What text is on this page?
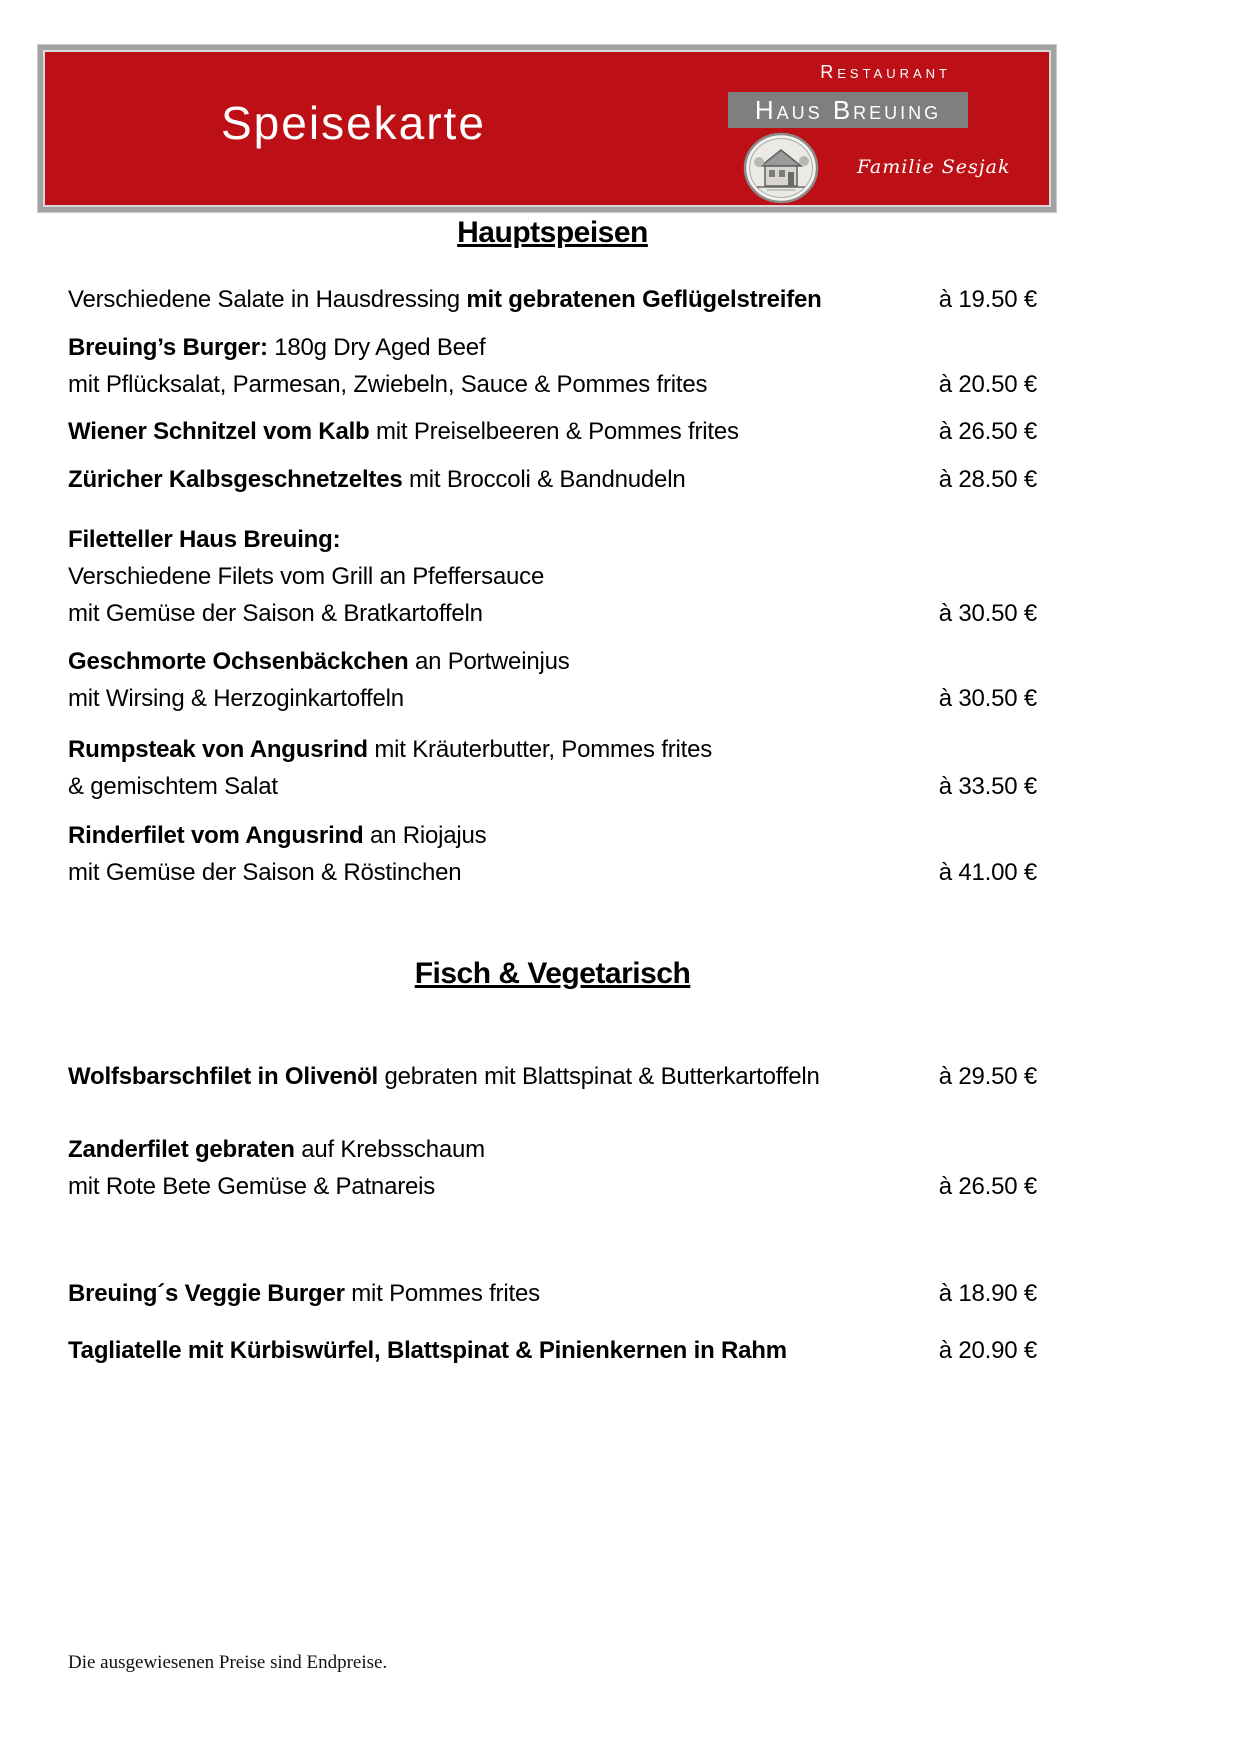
Speisekarte
Restaurant
Haus Breuing
Familie Sesjak
Hauptspeisen
Verschiedene Salate in Hausdressing mit gebratenen Geflügelstreifen	à 19.50 €
Breuing’s Burger: 180g Dry Aged Beef
mit Pflücksalat, Parmesan, Zwiebeln, Sauce & Pommes frites	à 20.50 €
Wiener Schnitzel vom Kalb mit Preiselbeeren & Pommes frites	à 26.50 €
Züricher Kalbsgeschnetzeltes mit Broccoli & Bandnudeln	à 28.50 €
Filetteller Haus Breuing:
Verschiedene Filets vom Grill an Pfeffersauce
mit Gemüse der Saison & Bratkartoffeln	à 30.50 €
Geschmorte Ochsenbäckchen an Portweinjus
mit Wirsing & Herzoginkartoffeln	à 30.50 €
Rumpsteak von Angusrind mit Kräuterbutter, Pommes frites
& gemischtem Salat	à 33.50 €
Rinderfilet vom Angusrind an Riojajus
mit Gemüse der Saison & Röstinchen	à 41.00 €
Fisch & Vegetarisch
Wolfsbarschfilet in Olivenöl gebraten mit Blattspinat & Butterkartoffeln	à 29.50 €
Zanderfilet gebraten auf Krebsschaum
mit Rote Bete Gemüse & Patnareis	à 26.50 €
Breuing´s Veggie Burger mit Pommes frites	à 18.90 €
Tagliatelle mit Kürbiswürfel, Blattspinat & Pinienkernen in Rahm	à 20.90 €
Die ausgewiesenen Preise sind Endpreise.
